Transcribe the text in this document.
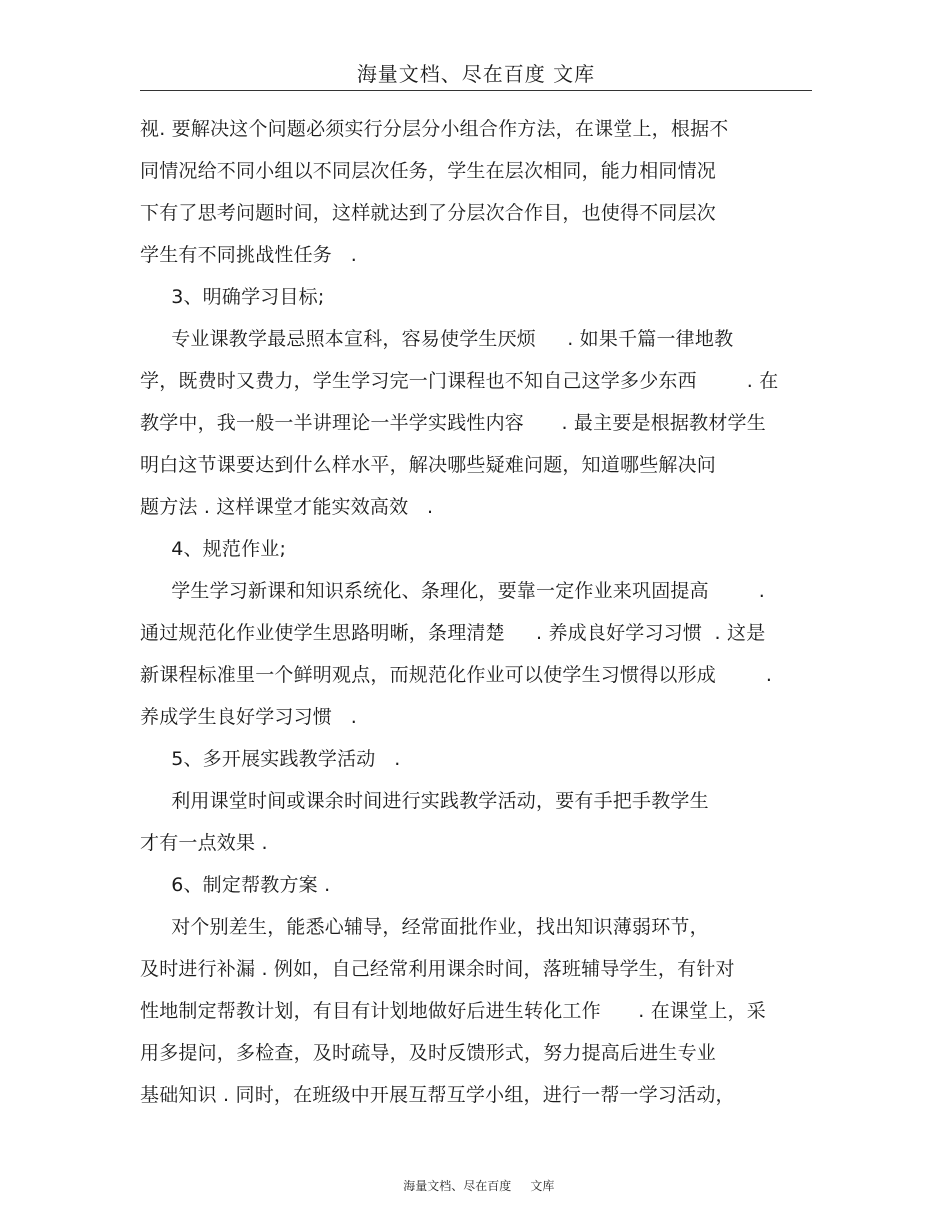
海量文档、尽在百度 文库
视. 要解决这个问题必须实行分层分小组合作方法，在课堂上，根据不
同情况给不同小组以不同层次任务，学生在层次相同，能力相同情况
下有了思考问题时间，这样就达到了分层次合作目，也使得不同层次
学生有不同挑战性任务   .
3、明确学习目标;
专业课教学最忌照本宣科，容易使学生厌烦     . 如果千篇一律地教
学，既费时又费力，学生学习完一门课程也不知自己这学多少东西        . 在
教学中，我一般一半讲理论一半学实践性内容      . 最主要是根据教材学生
明白这节课要达到什么样水平，解决哪些疑难问题，知道哪些解决问
题方法 . 这样课堂才能实效高效   .
4、规范作业;
学生学习新课和知识系统化、条理化，要靠一定作业来巩固提高        .
通过规范化作业使学生思路明晰，条理清楚     . 养成良好学习习惯  . 这是
新课程标准里一个鲜明观点，而规范化作业可以使学生习惯得以形成        .
养成学生良好学习习惯   .
5、多开展实践教学活动   .
利用课堂时间或课余时间进行实践教学活动，要有手把手教学生
才有一点效果 .
6、制定帮教方案 .
对个别差生，能悉心辅导，经常面批作业，找出知识薄弱环节，
及时进行补漏 . 例如，自己经常利用课余时间，落班辅导学生，有针对
性地制定帮教计划，有目有计划地做好后进生转化工作      . 在课堂上，采
用多提问，多检查，及时疏导，及时反馈形式，努力提高后进生专业
基础知识 . 同时，在班级中开展互帮互学小组，进行一帮一学习活动，

海量文档、尽在百度     文库
